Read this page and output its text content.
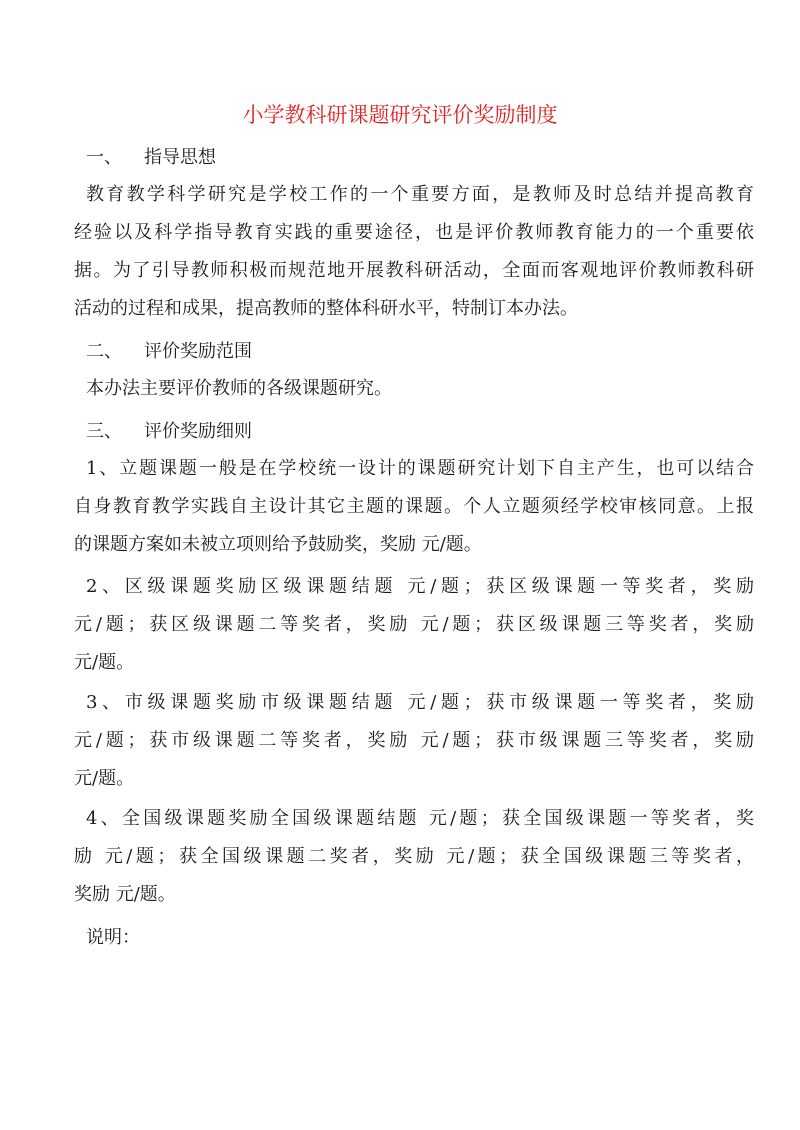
小学教科研课题研究评价奖励制度
一、 指导思想
教育教学科学研究是学校工作的一个重要方面，是教师及时总结并提高教育
经验以及科学指导教育实践的重要途径，也是评价教师教育能力的一个重要依
据。为了引导教师积极而规范地开展教科研活动，全面而客观地评价教师教科研
活动的过程和成果，提高教师的整体科研水平，特制订本办法。
二、 评价奖励范围
本办法主要评价教师的各级课题研究。
三、 评价奖励细则
1、立题课题一般是在学校统一设计的课题研究计划下自主产生，也可以结合
自身教育教学实践自主设计其它主题的课题。个人立题须经学校审核同意。上报
的课题方案如未被立项则给予鼓励奖，奖励 元/题。
2、区级课题奖励区级课题结题 元/题；获区级课题一等奖者，奖励
元/题；获区级课题二等奖者，奖励 元/题；获区级课题三等奖者，奖励
元/题。
3、市级课题奖励市级课题结题 元/题；获市级课题一等奖者，奖励
元/题；获市级课题二等奖者，奖励 元/题；获市级课题三等奖者，奖励
元/题。
4、全国级课题奖励全国级课题结题 元/题；获全国级课题一等奖者，奖
励 元/题；获全国级课题二奖者，奖励 元/题；获全国级课题三等奖者，
奖励 元/题。
说明：
